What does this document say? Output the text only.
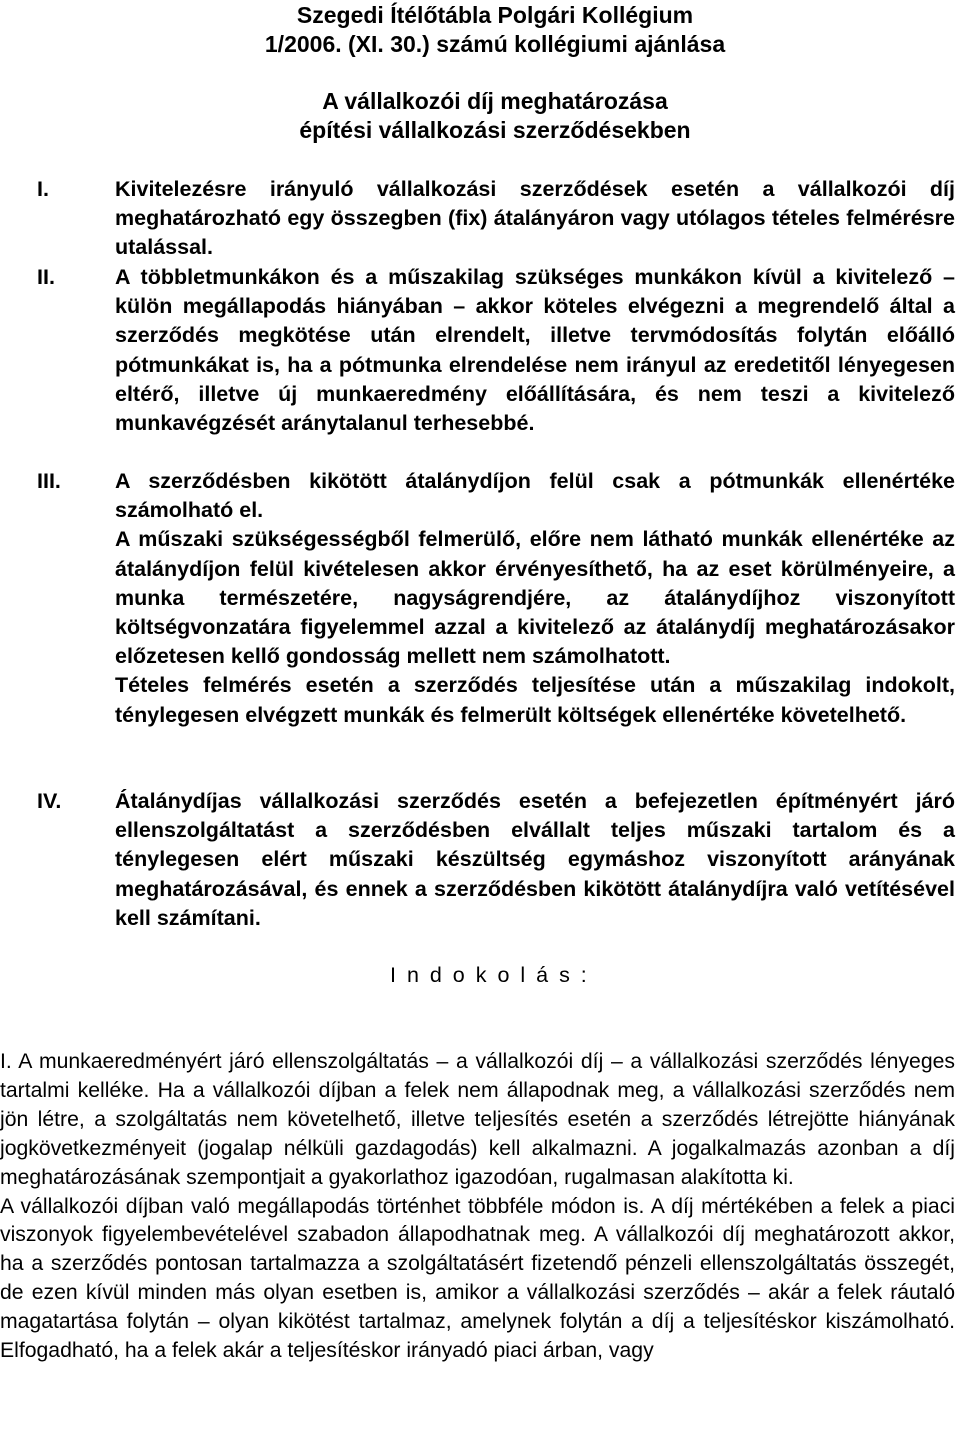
Szegedi Ítélőtábla Polgári Kollégium
1/2006. (XI. 30.) számú kollégiumi ajánlása
A vállalkozói díj meghatározása
építési vállalkozási szerződésekben
I.	Kivitelezésre irányuló vállalkozási szerződések esetén a vállalkozói díj meghatározható egy összegben (fix) átalányáron vagy utólagos tételes felmérésre utalással.

II.	A többletmunkákon és a műszakilag szükséges munkákon kívül a kivitelező – külön megállapodás hiányában – akkor köteles elvégezni a megrendelő által a szerződés megkötése után elrendelt, illetve tervmódosítás folytán előálló pótmunkákat is, ha a pótmunka elrendelése nem irányul az eredetitől lényegesen eltérő, illetve új munkaeredmény előállítására, és nem teszi a kivitelező munkavégzését aránytalanul terhesebbé.

III.	A szerződésben kikötött átalánydíjon felül csak a pótmunkák ellenértéke számolható el.

A műszaki szükségességből felmerülő, előre nem látható munkák ellenértéke az átalánydíjon felül kivételesen akkor érvényesíthető, ha az eset körülményeire, a munka természetére, nagyságrendjére, az átalánydíjhoz viszonyított költségvonzatára figyelemmel azzal a kivitelező az átalánydíj meghatározásakor előzetesen kellő gondosság mellett nem számolhatott.

Tételes felmérés esetén a szerződés teljesítése után a műszakilag indokolt, ténylegesen elvégzett munkák és felmerült költségek ellenértéke követelhető.

IV. Átalánydíjas vállalkozási szerződés esetén a befejezetlen építményért járó ellenszolgáltatást a szerződésben elvállalt teljes műszaki tartalom és a ténylegesen elért műszaki készültség egymáshoz viszonyított arányának meghatározásával, és ennek a szerződésben kikötött átalánydíjra való vetítésével kell számítani.

I n d o k o l á s :

I. A munkaeredményért járó ellenszolgáltatás – a vállalkozói díj – a vállalkozási szerződés lényeges tartalmi kelléke. Ha a vállalkozói díjban a felek nem állapodnak meg, a vállalkozási szerződés nem jön létre, a szolgáltatás nem követelhető, illetve teljesítés esetén a szerződés létrejötte hiányának jogkövetkezményeit (jogalap nélküli gazdagodás) kell alkalmazni. A jogalkalmazás azonban a díj meghatározásának szempontjait a gyakorlathoz igazodóan, rugalmasan alakította ki.

A vállalkozói díjban való megállapodás történhet többféle módon is. A díj mértékében a felek a piaci viszonyok figyelembevételével szabadon állapodhatnak meg. A vállalkozói díj meghatározott akkor, ha a szerződés pontosan tartalmazza a szolgáltatásért fizetendő pénzeli ellenszolgáltatás összegét, de ezen kívül minden más olyan esetben is, amikor a vállalkozási szerződés – akár a felek ráutaló magatartása folytán – olyan kikötést tartalmaz, amelynek folytán a díj a teljesítéskor kiszámolható. Elfogadható, ha a felek akár a teljesítéskor irányadó piaci árban, vagy
